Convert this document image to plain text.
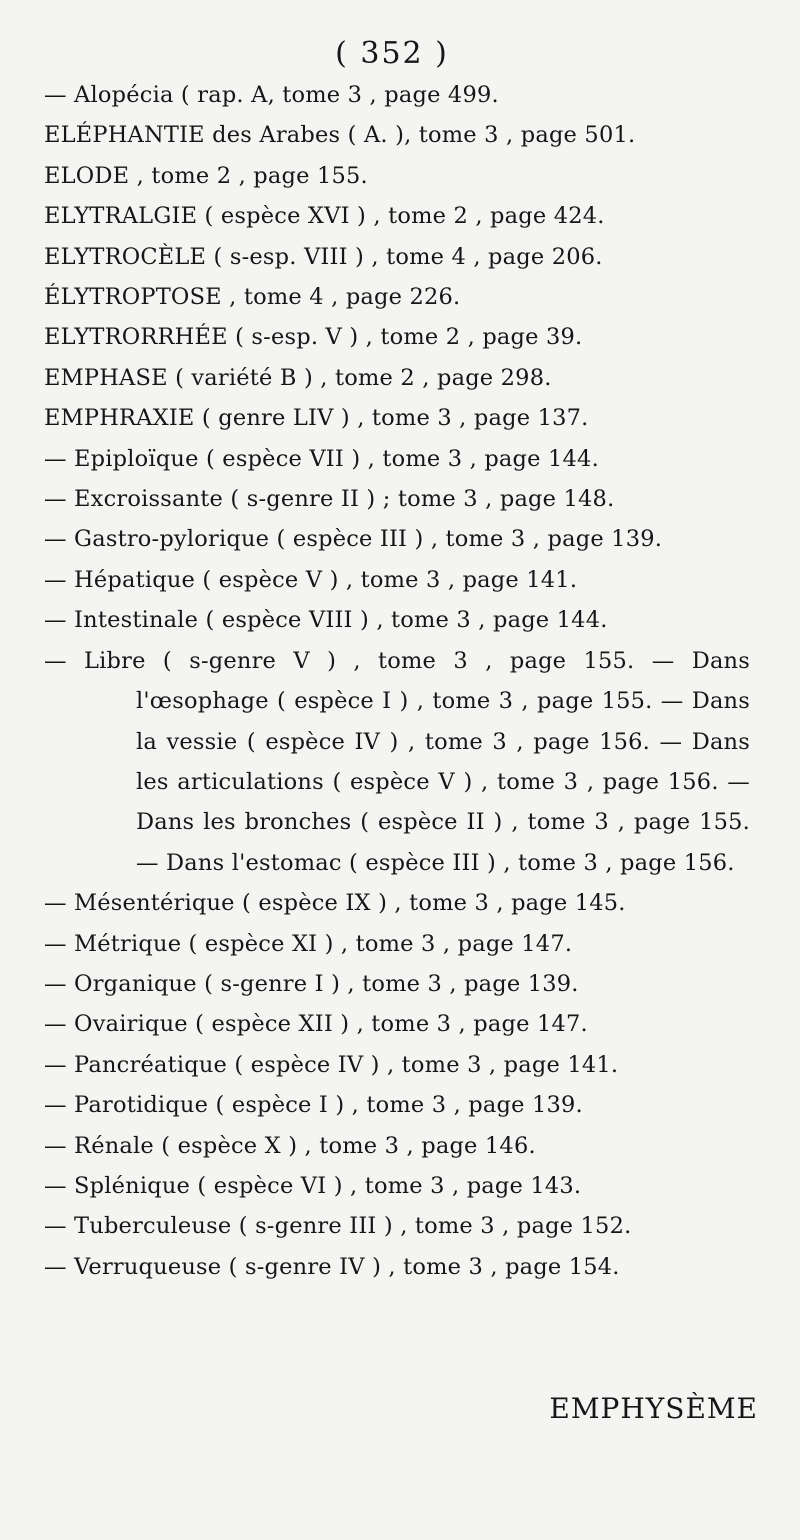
( 352 )
— Alopécia ( rap. A, tome 3 , page 499.
ELÉPHANTIE des Arabes ( A. ), tome 3 , page 501.
ELODE , tome 2 , page 155.
ELYTRALGIE ( espèce XVI ) , tome 2 , page 424.
ELYTROCÈLE ( s-esp. VIII ) , tome 4 , page 206.
ÉLYTROPTOSE , tome 4 , page 226.
ELYTRORRHÉE ( s-esp. V ) , tome 2 , page 39.
EMPHASE ( variété B ) , tome 2 , page 298.
EMPHRAXIE ( genre LIV ) , tome 3 , page 137.
— Epiploïque ( espèce VII ) , tome 3 , page 144.
— Excroissante ( s-genre II ) ; tome 3 , page 148.
— Gastro-pylorique ( espèce III ) , tome 3 , page 139.
— Hépatique ( espèce V ) , tome 3 , page 141.
— Intestinale ( espèce VIII ) , tome 3 , page 144.
— Libre ( s-genre V ) , tome 3 , page 155. — Dans l'œsophage ( espèce I ) , tome 3 , page 155. — Dans la vessie ( espèce IV ) , tome 3 , page 156. — Dans les articulations ( espèce V ) , tome 3 , page 156. — Dans les bronches ( espèce II ) , tome 3 , page 155. — Dans l'estomac ( espèce III ) , tome 3 , page 156.
— Mésentérique ( espèce IX ) , tome 3 , page 145.
— Métrique ( espèce XI ) , tome 3 , page 147.
— Organique ( s-genre I ) , tome 3 , page 139.
— Ovairique ( espèce XII ) , tome 3 , page 147.
— Pancréatique ( espèce IV ) , tome 3 , page 141.
— Parotidique ( espèce I ) , tome 3 , page 139.
— Rénale ( espèce X ) , tome 3 , page 146.
— Splénique ( espèce VI ) , tome 3 , page 143.
— Tuberculeuse ( s-genre III ) , tome 3 , page 152.
— Verruqueuse ( s-genre IV ) , tome 3 , page 154.
EMPHYSÈME
